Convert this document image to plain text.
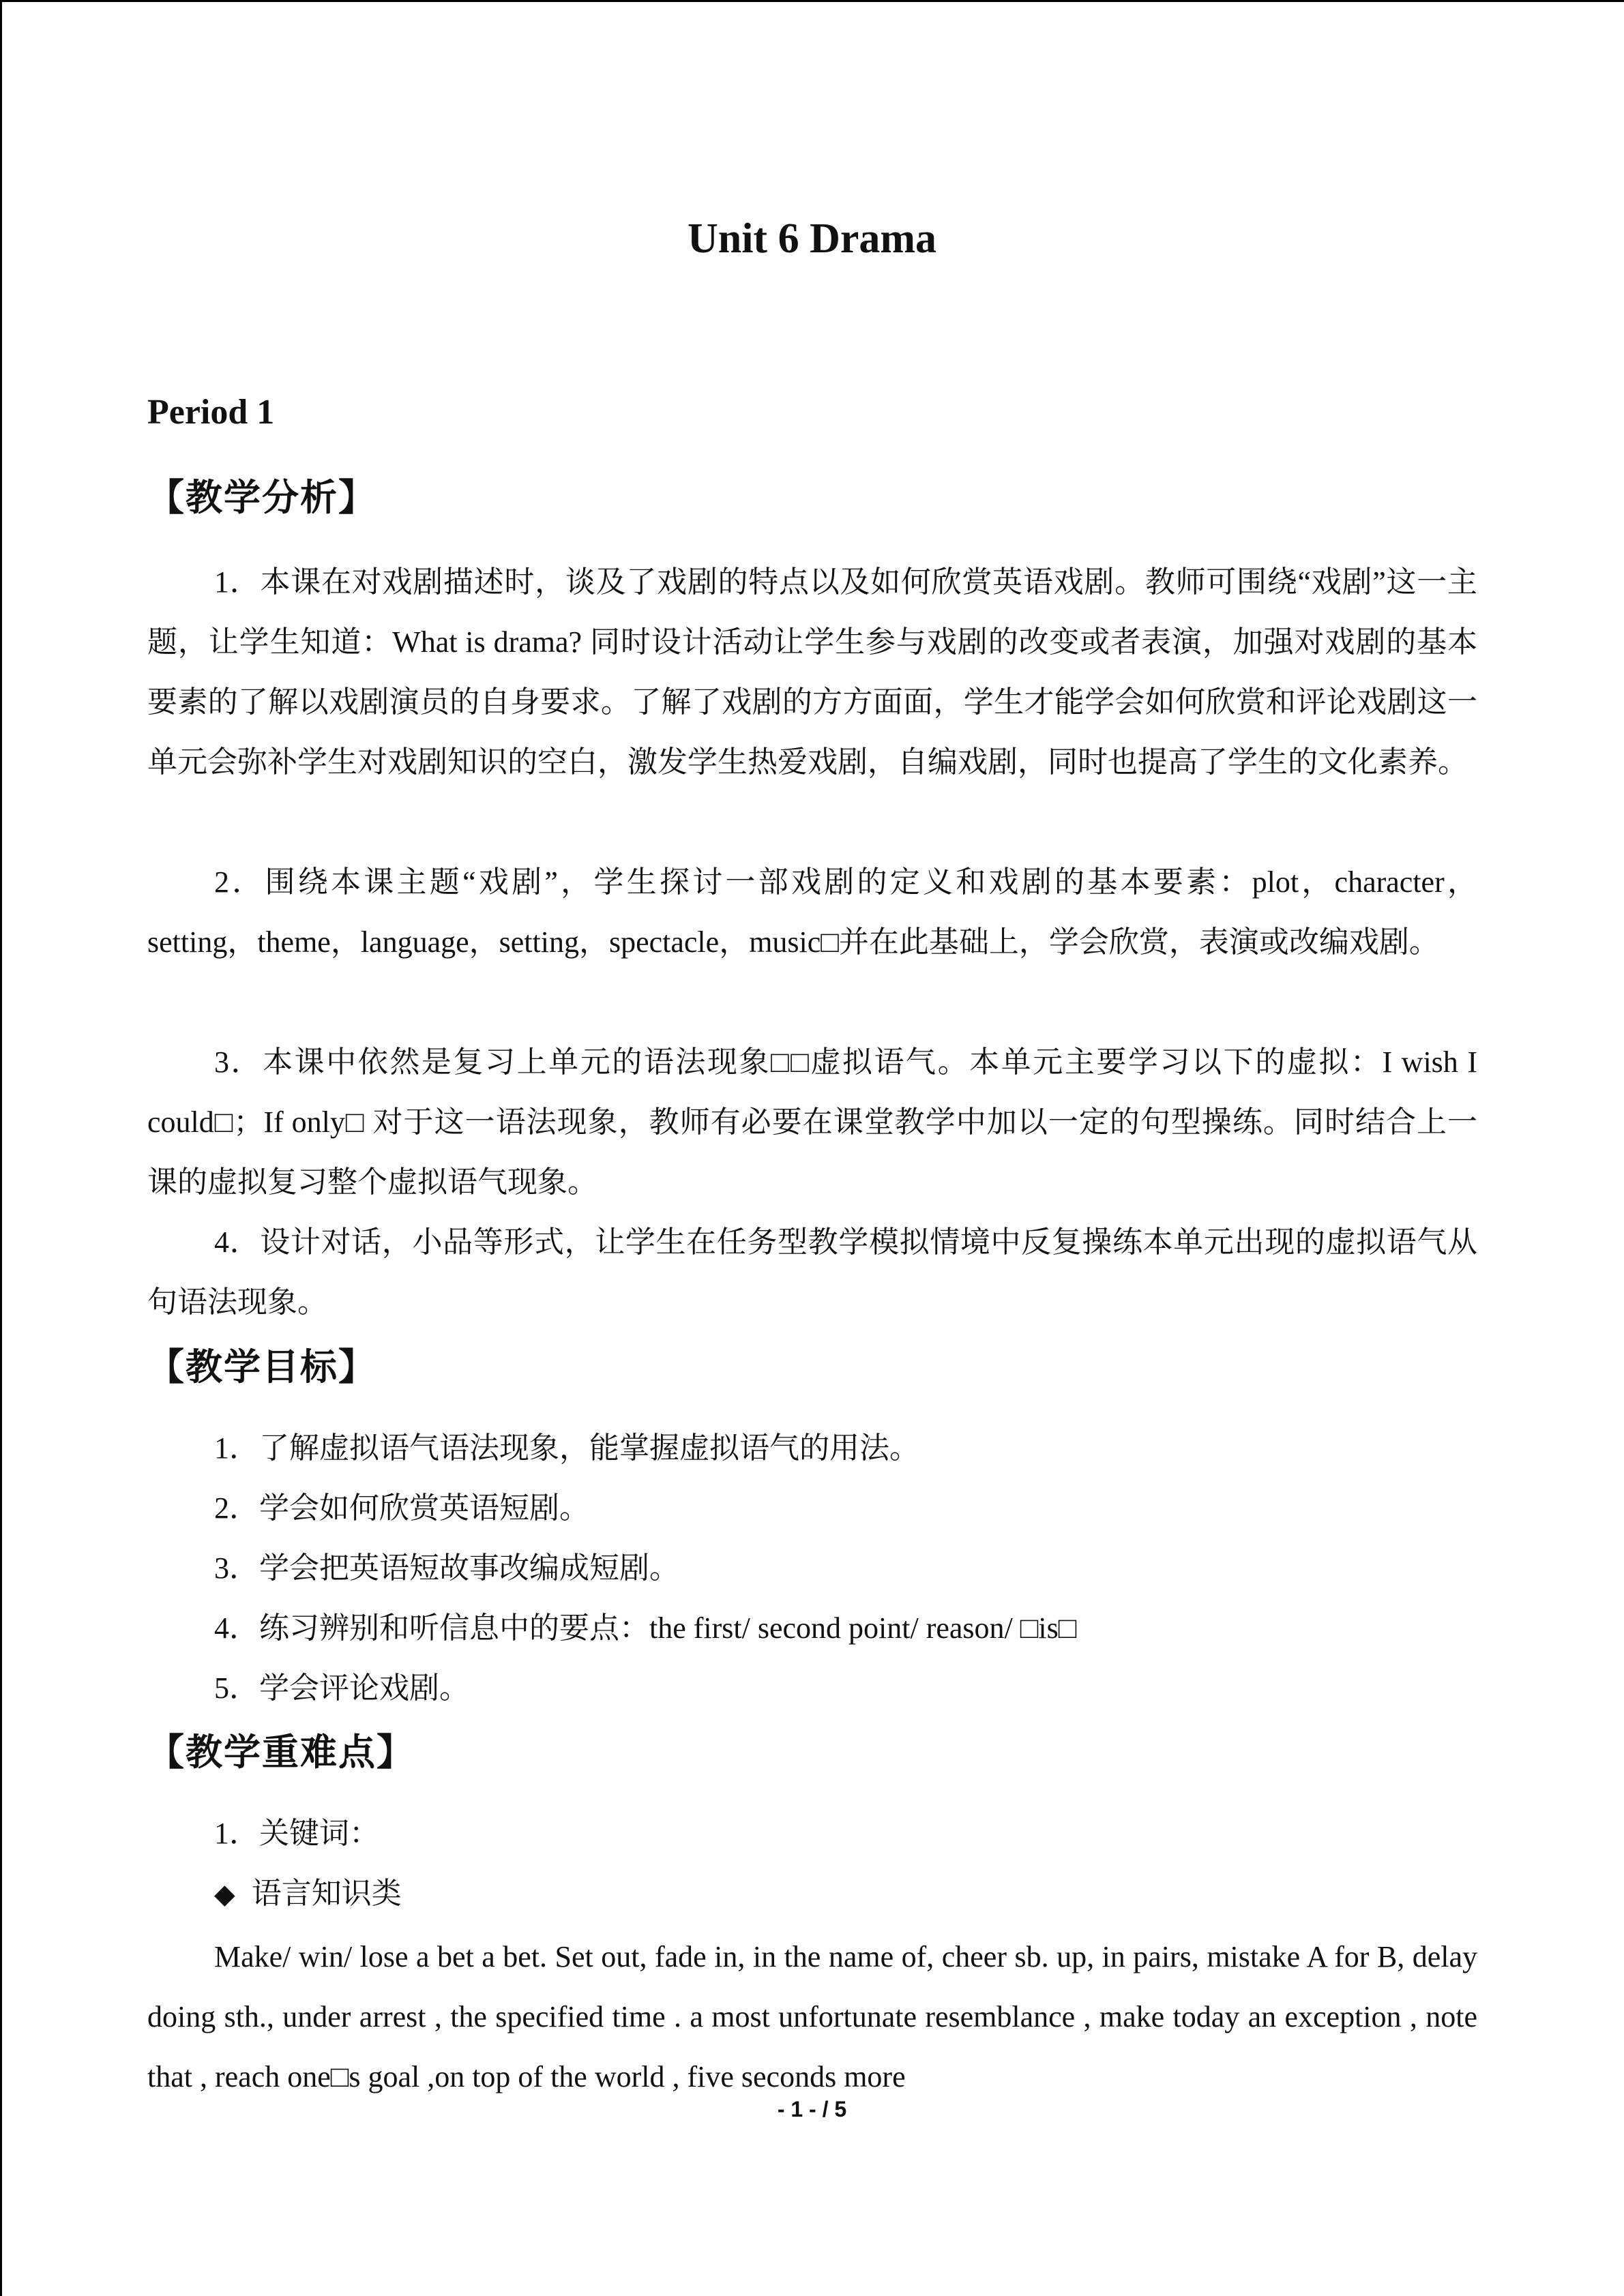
Unit 6 Drama
Period 1
【教学分析】
1．本课在对戏剧描述时，谈及了戏剧的特点以及如何欣赏英语戏剧。教师可围绕“戏剧”这一主题，让学生知道：What is drama? 同时设计活动让学生参与戏剧的改变或者表演，加强对戏剧的基本要素的了解以戏剧演员的自身要求。了解了戏剧的方方面面，学生才能学会如何欣赏和评论戏剧这一单元会弥补学生对戏剧知识的空白，激发学生热爱戏剧，自编戏剧，同时也提高了学生的文化素养。
2．围绕本课主题“戏剧”，学生探讨一部戏剧的定义和戏剧的基本要素：plot，character， setting，theme，language，setting，spectacle，music□并在此基础上，学会欣赏，表演或改编戏剧。
3．本课中依然是复习上单元的语法现象□□虚拟语气。本单元主要学习以下的虚拟：I wish I could□；If only□ 对于这一语法现象，教师有必要在课堂教学中加以一定的句型操练。同时结合上一课的虚拟复习整个虚拟语气现象。
4．设计对话，小品等形式，让学生在任务型教学模拟情境中反复操练本单元出现的虚拟语气从句语法现象。
【教学目标】
1．了解虚拟语气语法现象，能掌握虚拟语气的用法。
2．学会如何欣赏英语短剧。
3．学会把英语短故事改编成短剧。
4．练习辨别和听信息中的要点：the first/ second point/ reason/ □is□
5．学会评论戏剧。
【教学重难点】
1．关键词：
◆ 语言知识类
Make/ win/ lose a bet a bet. Set out, fade in, in the name of, cheer sb. up, in pairs, mistake A for B, delay doing sth., under arrest , the specified time . a most unfortunate resemblance , make today an exception , note that , reach one□s goal ,on top of the world , five seconds more
- 1 - / 5
